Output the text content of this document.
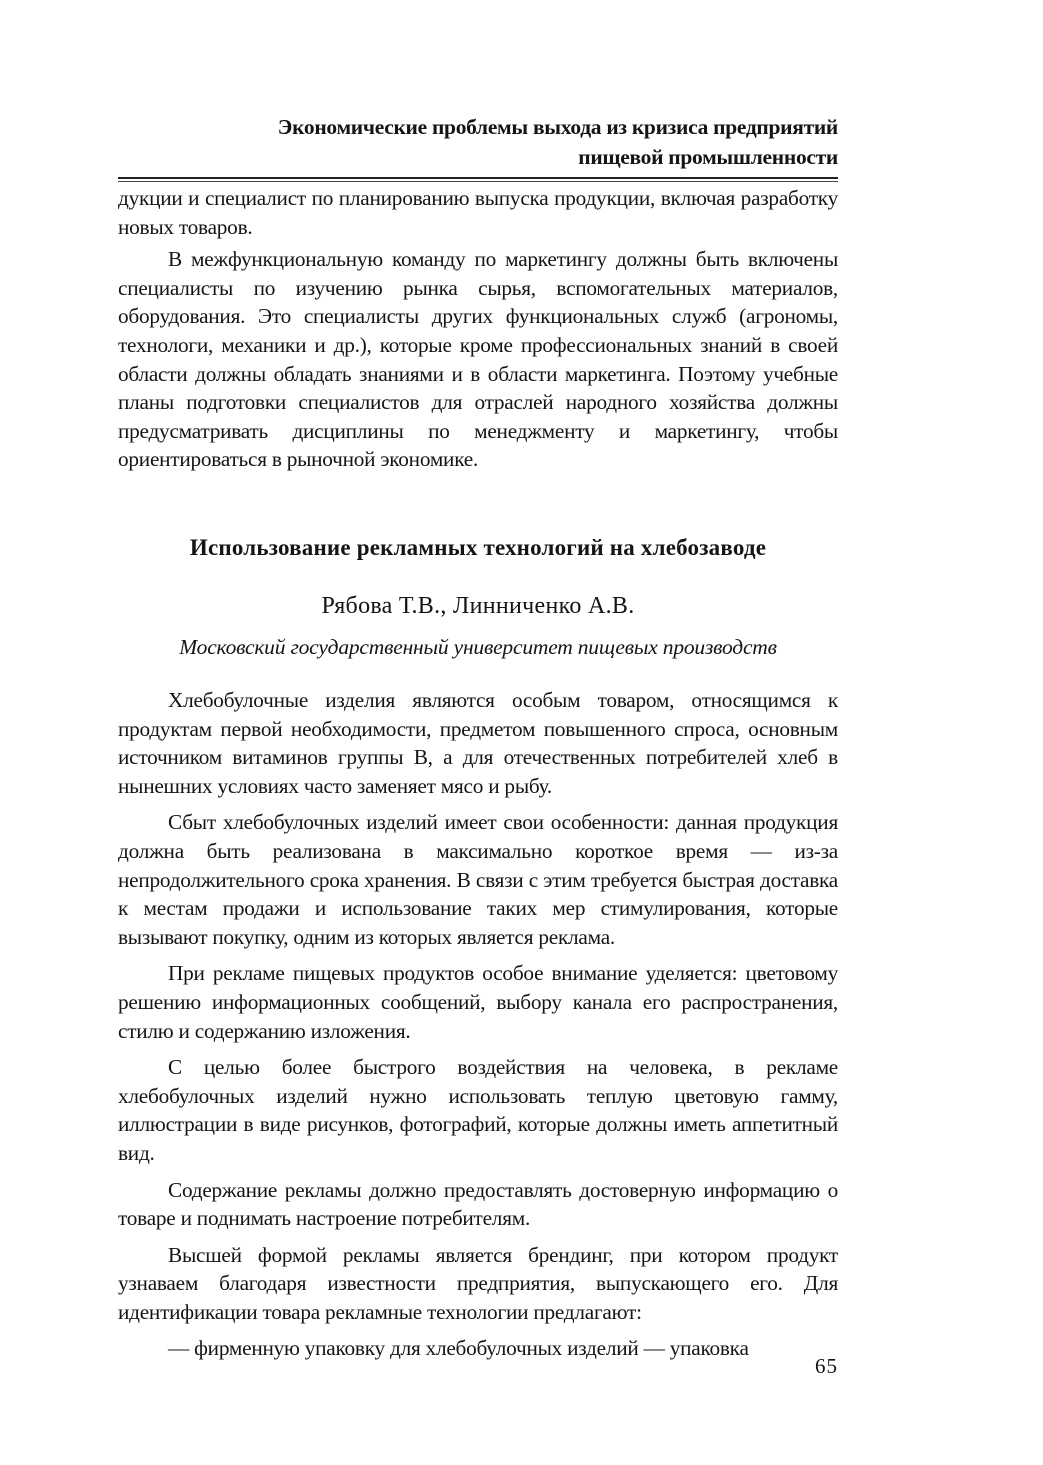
Экономические проблемы выхода из кризиса предприятий
пищевой промышленности

дукции и специалист по планированию выпуска продукции, включая разработку новых товаров.

В межфункциональную команду по маркетингу должны быть включены специалисты по изучению рынка сырья, вспомогательных материалов, оборудования. Это специалисты других функциональных служб (агрономы, технологи, механики и др.), которые кроме профессиональных знаний в своей области должны обладать знаниями и в области маркетинга. Поэтому учебные планы подготовки специалистов для отраслей народного хозяйства должны предусматривать дисциплины по менеджменту и маркетингу, чтобы ориентироваться в рыночной экономике.

Использование рекламных технологий на хлебозаводе
Рябова Т.В., Линниченко А.В.
Московский государственный университет пищевых производств

Хлебобулочные изделия являются особым товаром, относящимся к продуктам первой необходимости, предметом повышенного спроса, основным источником витаминов группы В, а для отечественных потребителей хлеб в нынешних условиях часто заменяет мясо и рыбу.

Сбыт хлебобулочных изделий имеет свои особенности: данная продукция должна быть реализована в максимально короткое время — из-за непродолжительного срока хранения. В связи с этим требуется быстрая доставка к местам продажи и использование таких мер стимулирования, которые вызывают покупку, одним из которых является реклама.

При рекламе пищевых продуктов особое внимание уделяется: цветовому решению информационных сообщений, выбору канала его распространения, стилю и содержанию изложения.

С целью более быстрого воздействия на человека, в рекламе хлебобулочных изделий нужно использовать теплую цветовую гамму, иллюстрации в виде рисунков, фотографий, которые должны иметь аппетитный вид.

Содержание рекламы должно предоставлять достоверную информацию о товаре и поднимать настроение потребителям.

Высшей формой рекламы является брендинг, при котором продукт узнаваем благодаря известности предприятия, выпускающего его. Для идентификации товара рекламные технологии предлагают:

— фирменную упаковку для хлебобулочных изделий — упаковка

65
